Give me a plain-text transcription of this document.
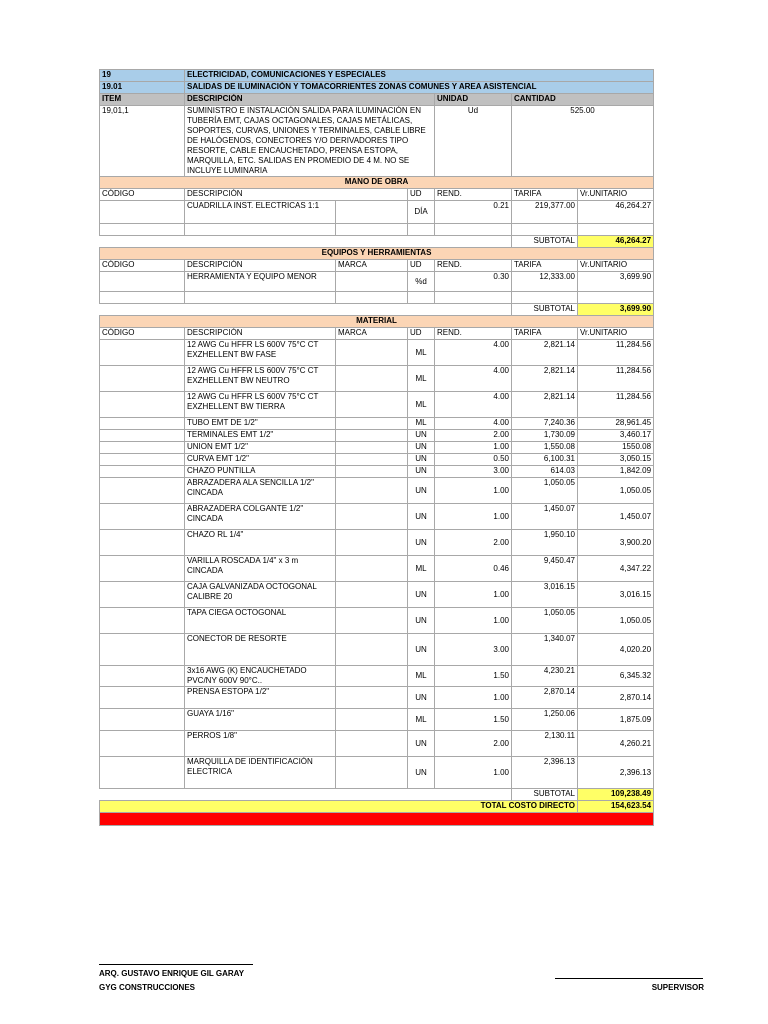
19	ELECTRICIDAD, COMUNICACIONES Y ESPECIALES					
19.01	SALIDAS DE ILUMINACIÓN Y TOMACORRIENTES ZONAS COMUNES Y AREA ASISTENCIAL					
ITEM	DESCRIPCIÓN			UNIDAD	CANTIDAD	
19,01,1	SUMINISTRO E INSTALACIÓN SALIDA PARA ILUMINACIÓN EN TUBERÍA EMT, CAJAS OCTAGONALES, CAJAS METÁLICAS, SOPORTES, CURVAS, UNIONES Y TERMINALES, CABLE LIBRE DE HALÓGENOS, CONECTORES Y/O DERIVADORES TIPO RESORTE, CABLE ENCAUCHETADO, PRENSA ESTOPA, MARQUILLA, ETC. SALIDAS EN PROMEDIO DE 4 M. NO SE INCLUYE LUMINARIA			Ud	525.00	
MANO DE OBRA						
CÓDIGO	DESCRIPCIÓN		UD	REND.	TARIFA	Vr.UNITARIO
	CUADRILLA INST. ELECTRICAS 1:1		DÍA	0.21	219,377.00	46,264.27

					SUBTOTAL	46,264.27
EQUIPOS Y HERRAMIENTAS						
CÓDIGO	DESCRIPCIÓN	MARCA	UD	REND.	TARIFA	Vr.UNITARIO
	HERRAMIENTA Y EQUIPO MENOR		%d	0.30	12,333.00	3,699.90

					SUBTOTAL	3,699.90
MATERIAL						
CÓDIGO	DESCRIPCIÓN	MARCA	UD	REND.	TARIFA	Vr.UNITARIO
	12 AWG Cu HFFR LS 600V 75°C CT EXZHELLENT BW FASE		ML	4.00	2,821.14	11,284.56
	12 AWG Cu HFFR LS 600V 75°C CT EXZHELLENT BW NEUTRO		ML	4.00	2,821.14	11,284.56
	12 AWG Cu HFFR LS 600V 75°C CT EXZHELLENT BW TIERRA		ML	4.00	2,821.14	11,284.56
	TUBO EMT DE 1/2"		ML	4.00	7,240.36	28,961.45
	TERMINALES EMT 1/2"		UN	2.00	1,730.09	3,460.17
	UNION EMT 1/2"		UN	1.00	1,550.08	1550.08
	CURVA EMT 1/2"		UN	0.50	6,100.31	3,050.15
	CHAZO PUNTILLA		UN	3.00	614.03	1,842.09
	ABRAZADERA ALA SENCILLA 1/2" CINCADA		UN	1.00	1,050.05	1,050.05
	ABRAZADERA COLGANTE 1/2" CINCADA		UN	1.00	1,450.07	1,450.07
	CHAZO RL 1/4"		UN	2.00	1,950.10	3,900.20
	VARILLA ROSCADA 1/4" x 3 m CINCADA		ML	0.46	9,450.47	4,347.22
	CAJA GALVANIZADA OCTOGONAL CALIBRE 20		UN	1.00	3,016.15	3,016.15
	TAPA CIEGA OCTOGONAL		UN	1.00	1,050.05	1,050.05
	CONECTOR DE RESORTE		UN	3.00	1,340.07	4,020.20
	3x16 AWG (K) ENCAUCHETADO PVC/NY 600V 90°C..		ML	1.50	4,230.21	6,345.32
	PRENSA ESTOPA 1/2"		UN	1.00	2,870.14	2,870.14
	GUAYA 1/16"		ML	1.50	1,250.06	1,875.09
	PERROS 1/8"		UN	2.00	2,130.11	4,260.21
	MARQUILLA DE IDENTIFICACIÓN ELECTRICA		UN	1.00	2,396.13	2,396.13
					SUBTOTAL	109,238.49
TOTAL COSTO DIRECTO						154,623.54

ARQ. GUSTAVO ENRIQUE GIL GARAY
GYG CONSTRUCCIONES	SUPERVISOR
